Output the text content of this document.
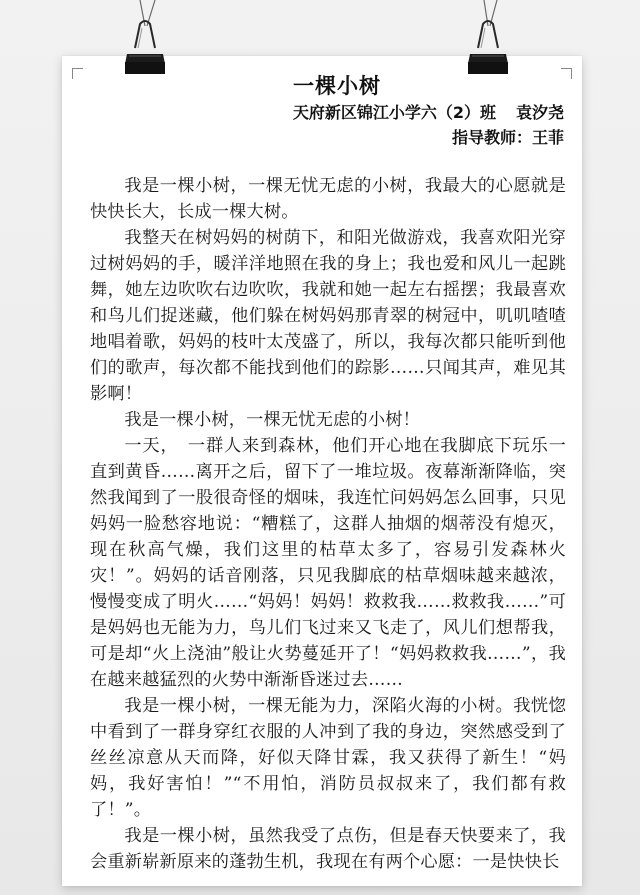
一棵小树
天府新区锦江小学六（2）班 袁汐尧
指导教师：王菲

我是一棵小树，一棵无忧无虑的小树，我最大的心愿就是快快长大，长成一棵大树。

我整天在树妈妈的树荫下，和阳光做游戏，我喜欢阳光穿过树妈妈的手，暖洋洋地照在我的身上；我也爱和风儿一起跳舞，她左边吹吹右边吹吹，我就和她一起左右摇摆；我最喜欢和鸟儿们捉迷藏，他们躲在树妈妈那青翠的树冠中，叽叽喳喳地唱着歌，妈妈的枝叶太茂盛了，所以，我每次都只能听到他们的歌声，每次都不能找到他们的踪影……只闻其声，难见其影啊！

我是一棵小树，一棵无忧无虑的小树！

一天，　一群人来到森林，他们开心地在我脚底下玩乐一直到黄昏……离开之后，留下了一堆垃圾。夜幕渐渐降临，突然我闻到了一股很奇怪的烟味，我连忙问妈妈怎么回事，只见妈妈一脸愁容地说：“糟糕了，这群人抽烟的烟蒂没有熄灭，现在秋高气燥，我们这里的枯草太多了，容易引发森林火灾！”。妈妈的话音刚落，只见我脚底的枯草烟味越来越浓，慢慢变成了明火……“妈妈！妈妈！救救我……救救我……”可是妈妈也无能为力，鸟儿们飞过来又飞走了，风儿们想帮我，可是却“火上浇油”般让火势蔓延开了！“妈妈救救我……”，我在越来越猛烈的火势中渐渐昏迷过去……

我是一棵小树，一棵无能为力，深陷火海的小树。我恍惚中看到了一群身穿红衣服的人冲到了我的身边，突然感受到了丝丝凉意从天而降，好似天降甘霖，我又获得了新生！“妈妈，我好害怕！”“不用怕，消防员叔叔来了，我们都有救了！”。

我是一棵小树，虽然我受了点伤，但是春天快要来了，我会重新崭新原来的蓬勃生机，我现在有两个心愿：一是快快长
